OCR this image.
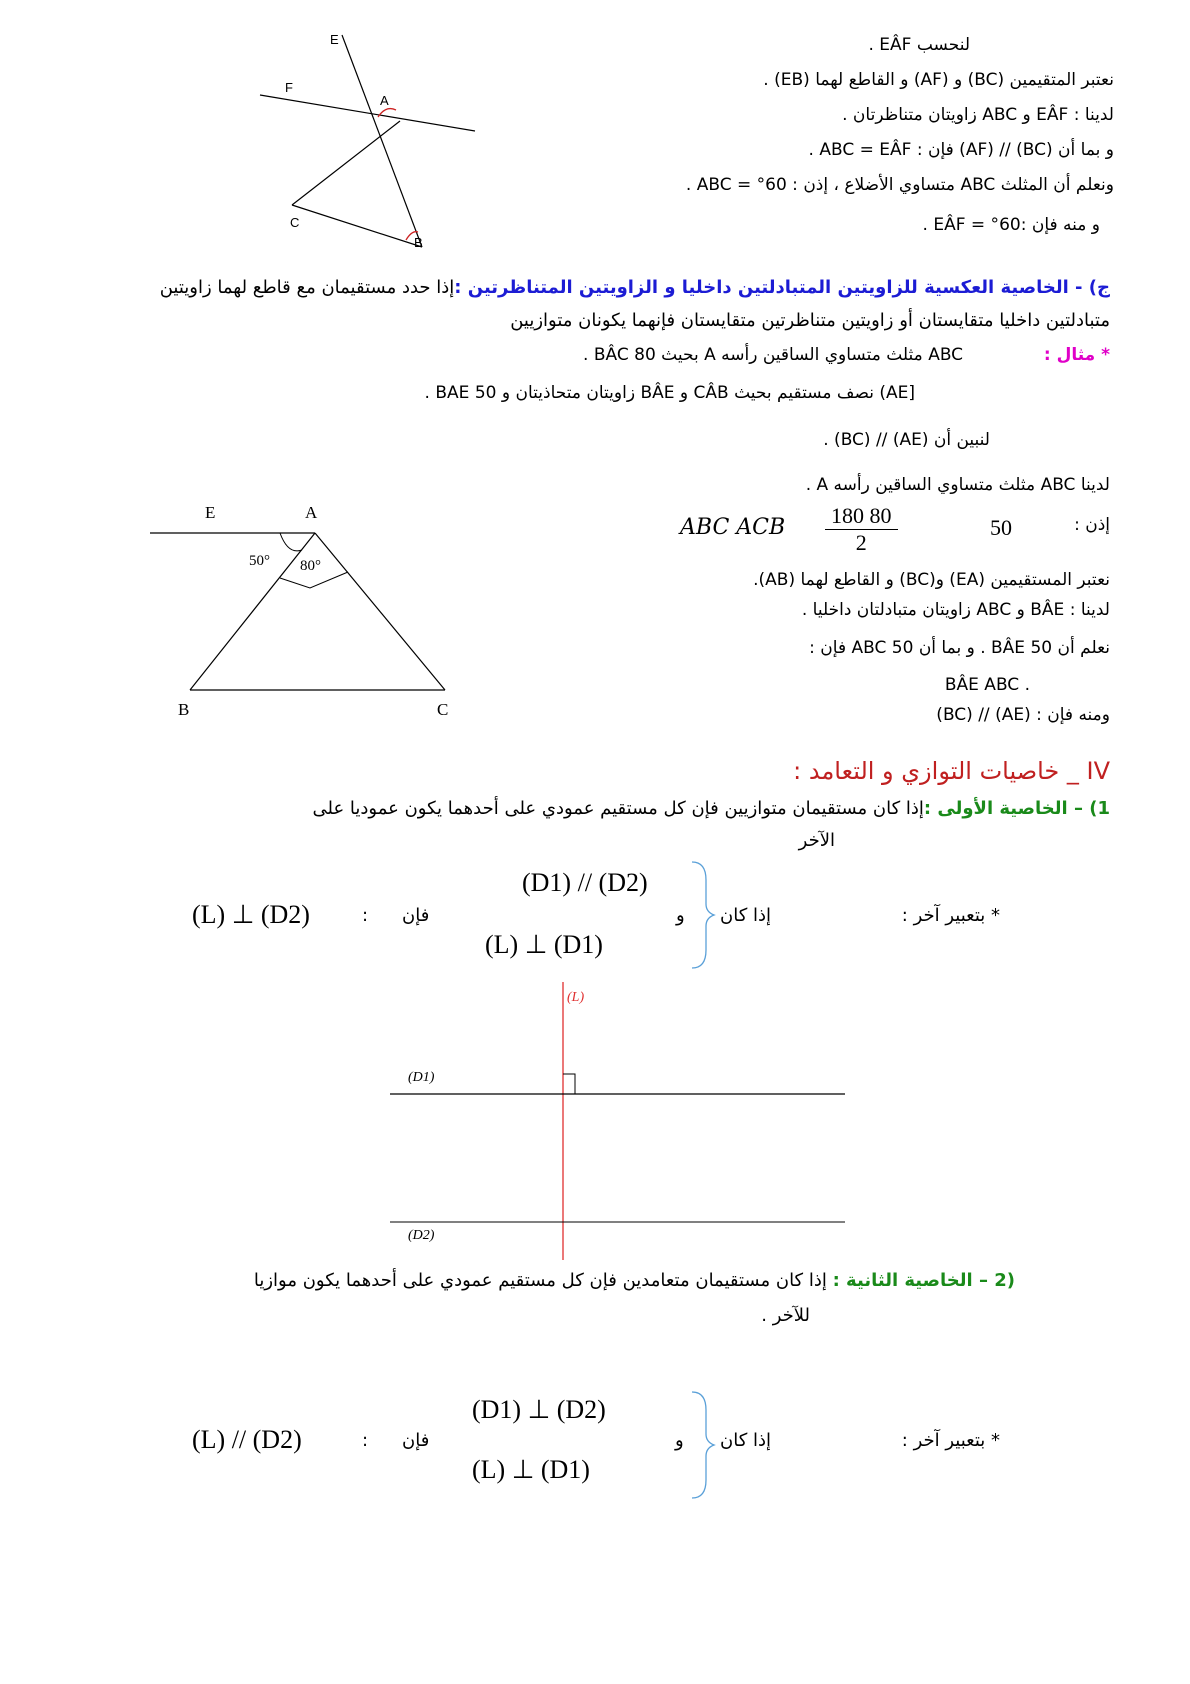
لنحسب EÂF .
نعتبر المتقيمين (BC) و (AF) و القاطع لهما (EB) .
لدينا : EÂF و ABC زاويتان متناظرتان .
و بما أن (BC) // (AF) فإن : ABC = EÂF .
ونعلم أن المثلث ABC متساوي الأضلاع ، إذن : 60° = ABC .
و منه فإن :60° = EÂF .
E
F
A
C
B
ج) - الخاصية العكسية للزاويتين المتبادلتين داخليا و الزاويتين المتناظرتين :إذا حدد مستقيمان مع قاطع لهما زاويتين
متبادلتين داخليا متقايستان أو زاويتين متناظرتين متقايستان فإنهما يكونان متوازيين
* مثال :  ABC مثلث متساوي الساقين رأسه A بحيث 80 BÂC .
[AE) نصف مستقيم بحيث CÂB و BÂE زاويتان متحاذيتان و 50 BAE .
لنبين أن (AE) // (BC) .
لدينا ABC مثلث متساوي الساقين رأسه A .
إذن :
50
$\frac{180 80}{2}$
ABC ACB
نعتبر المستقيمين (EA) و(BC) و القاطع لهما (AB).
لدينا : BÂE و ABC زاويتان متبادلتان داخليا .
نعلم أن 50 BÂE . و بما أن 50 ABC فإن :
. BÂE ABC
ومنه فإن : (AE) // (BC)
E	A
50° 80°
B	C
IV _ خاصيات التوازي و التعامد :
1) – الخاصية الأولى :إذا كان مستقيمان متوازيين فإن كل مستقيم عمودي على أحدهما يكون عموديا على
الآخر
(D1) // (D2)
(L) ⊥ (D1)
و إذا كان	* بتعبير آخر :
فإن
:
(L) ⊥ (D2)
(L)
(D1)
(D2)
(2 – الخاصية الثانية : إذا كان مستقيمان متعامدين فإن كل مستقيم عمودي على أحدهما يكون موازيا
للآخر .
(D1) ⊥ (D2)
(L) ⊥ (D1)
و إذا كان	* بتعبير آخر :
فإن
:
(L) // (D2)
